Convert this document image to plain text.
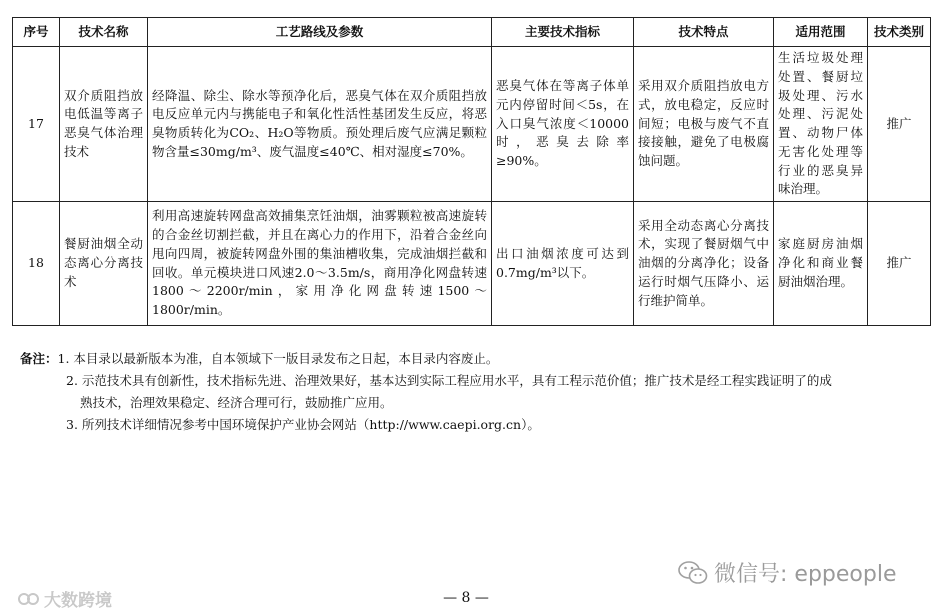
序号	技术名称	工艺路线及参数	主要技术指标	技术特点	适用范围	技术类别
17	双介质阻挡放电低温等离子恶臭气体治理技术	经降温、除尘、除水等预净化后，恶臭气体在双介质阻挡放电反应单元内与携能电子和氧化性活性基团发生反应，将恶臭物质转化为CO₂、H₂O等物质。预处理后废气应满足颗粒物含量≤30mg/m³、废气温度≤40℃、相对湿度≤70%。	恶臭气体在等离子体单元内停留时间＜5s，在入口臭气浓度＜10000时，恶臭去除率≥90%。	采用双介质阻挡放电方式，放电稳定，反应时间短；电极与废气不直接接触，避免了电极腐蚀问题。	生活垃圾处理处置、餐厨垃圾处理、污水处理、污泥处置、动物尸体无害化处理等行业的恶臭异味治理。	推广
18	餐厨油烟全动态离心分离技术	利用高速旋转网盘高效捕集烹饪油烟，油雾颗粒被高速旋转的合金丝切割拦截，并且在离心力的作用下，沿着合金丝向甩向四周，被旋转网盘外围的集油槽收集，完成油烟拦截和回收。单元模块进口风速2.0～3.5m/s，商用净化网盘转速1800～2200r/min，家用净化网盘转速1500～1800r/min。	出口油烟浓度可达到0.7mg/m³以下。	采用全动态离心分离技术，实现了餐厨烟气中油烟的分离净化；设备运行时烟气压降小、运行维护简单。	家庭厨房油烟净化和商业餐厨油烟治理。	推广
备注：1. 本目录以最新版本为准，自本领域下一版目录发布之日起，本目录内容废止。
2. 示范技术具有创新性，技术指标先进、治理效果好，基本达到实际工程应用水平，具有工程示范价值；推广技术是经工程实践证明了的成
熟技术，治理效果稳定、经济合理可行，鼓励推广应用。
3. 所列技术详细情况参考中国环境保护产业协会网站（http://www.caepi.org.cn）。
微信号: eppeople
大数跨境	— 8 —
